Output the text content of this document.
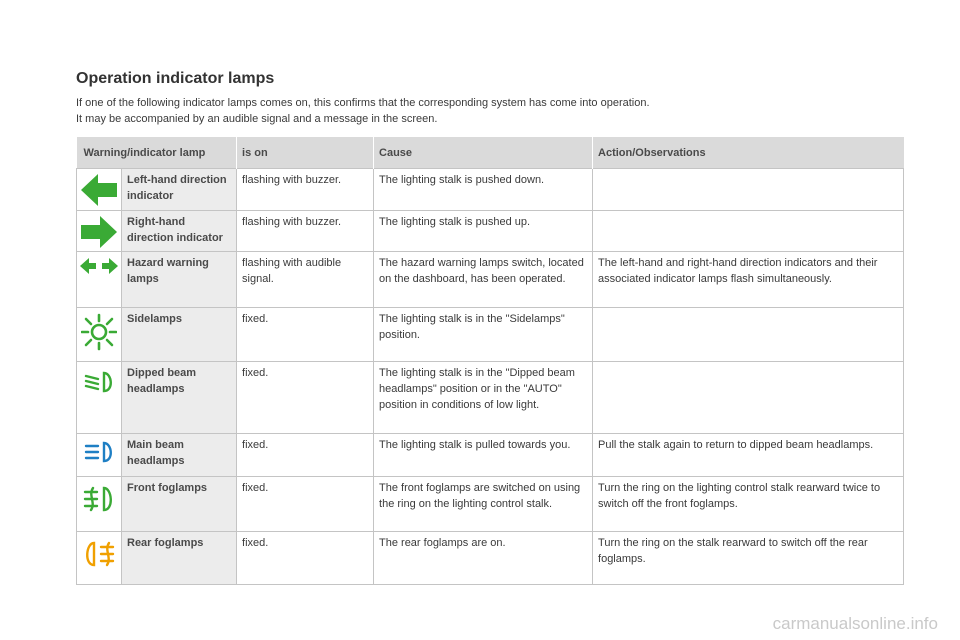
Operation indicator lamps

If one of the following indicator lamps comes on, this confirms that the corresponding system has come into operation.

It may be accompanied by an audible signal and a message in the screen.

Warning/indicator lamp		is on	Cause	Action/Observations

	Left-hand direction indicator	flashing with buzzer.	The lighting stalk is pushed down.	

	Right-hand direction indicator	flashing with buzzer.	The lighting stalk is pushed up.	

	Hazard warning lamps	flashing with audible signal.	The hazard warning lamps switch, located on the dashboard, has been operated.	The left-hand and right-hand direction indicators and their associated indicator lamps flash simultaneously.

	Sidelamps	fixed.	The lighting stalk is in the "Sidelamps" position.	

	Dipped beam headlamps	fixed.	The lighting stalk is in the "Dipped beam headlamps" position or in the "AUTO" position in conditions of low light.	

	Main beam headlamps	fixed.	The lighting stalk is pulled towards you.	Pull the stalk again to return to dipped beam headlamps.

	Front foglamps	fixed.	The front foglamps are switched on using the ring on the lighting control stalk.	Turn the ring on the lighting control stalk rearward twice to switch off the front foglamps.

	Rear foglamps	fixed.	The rear foglamps are on.	Turn the ring on the stalk rearward to switch off the rear foglamps.
carmanualsonline.info
